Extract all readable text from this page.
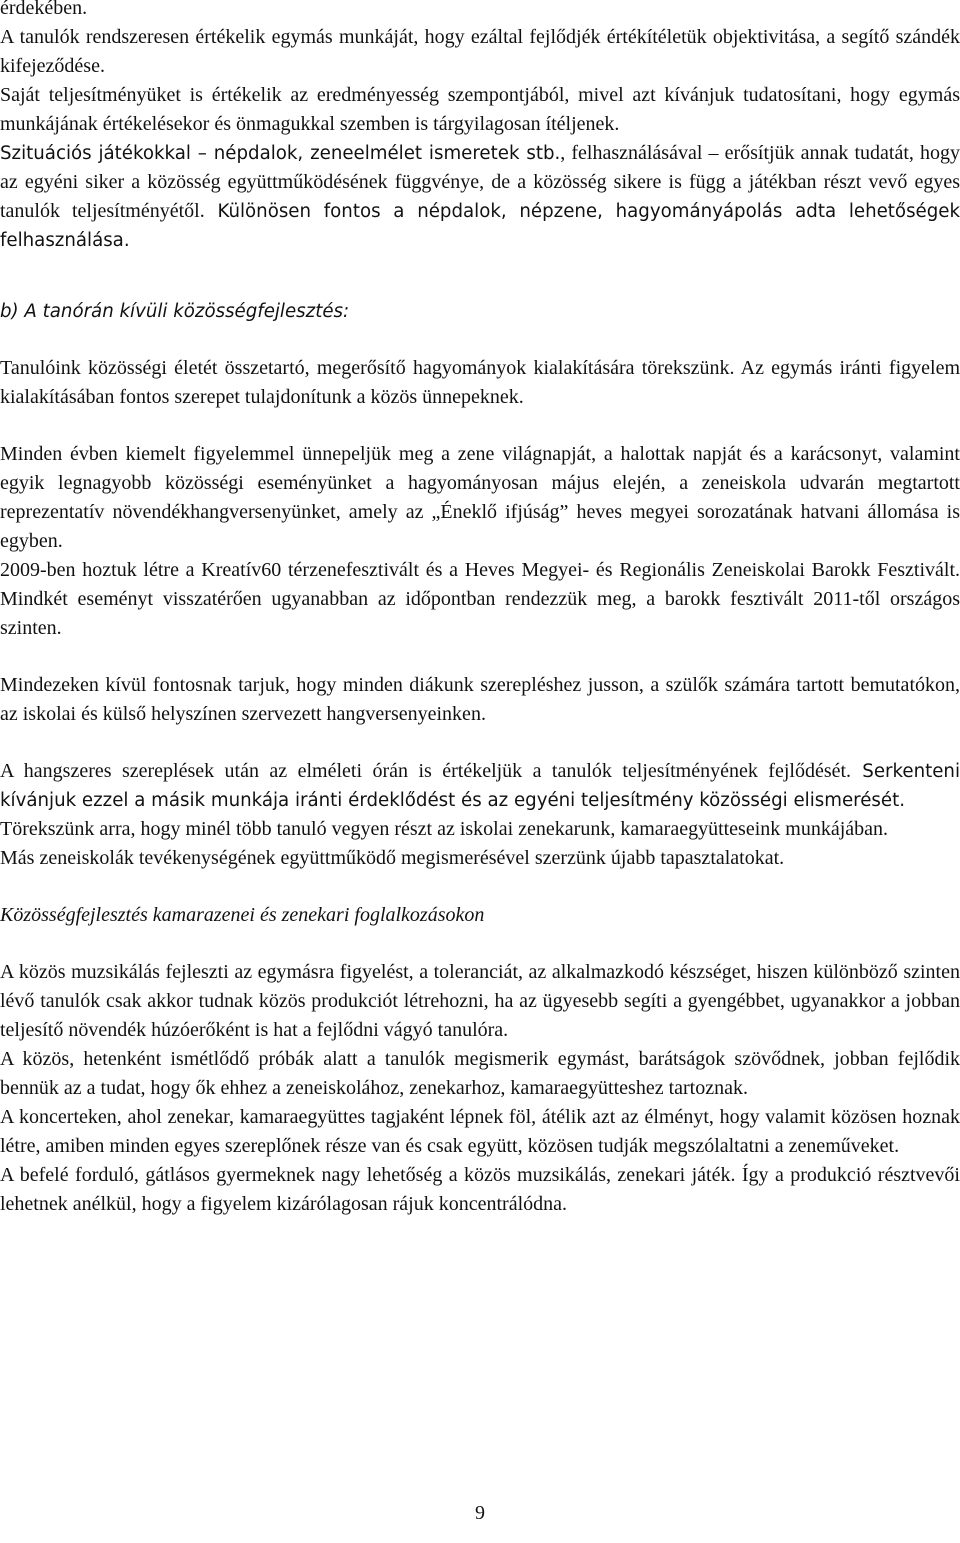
érdekében.

A tanulók rendszeresen értékelik egymás munkáját, hogy ezáltal fejlődjék értékítéletük objektivitása, a segítő szándék kifejeződése.

Saját teljesítményüket is értékelik az eredményesség szempontjából, mivel azt kívánjuk tudatosítani, hogy egymás munkájának értékelésekor és önmagukkal szemben is tárgyilagosan ítéljenek.

Szituációs játékokkal – népdalok, zeneelmélet ismeretek stb., felhasználásával – erősítjük annak tudatát, hogy az egyéni siker a közösség együttműködésének függvénye, de a közösség sikere is függ a játékban részt vevő egyes tanulók teljesítményétől. Különösen fontos a népdalok, népzene, hagyományápolás adta lehetőségek felhasználása.

b) A tanórán kívüli közösségfejlesztés:

Tanulóink közösségi életét összetartó, megerősítő hagyományok kialakítására törekszünk. Az egymás iránti figyelem kialakításában fontos szerepet tulajdonítunk a közös ünnepeknek.

Minden évben kiemelt figyelemmel ünnepeljük meg a zene világnapját, a halottak napját és a karácsonyt, valamint egyik legnagyobb közösségi eseményünket a hagyományosan május elején, a zeneiskola udvarán megtartott reprezentatív növendékhangversenyünket, amely az „Éneklő ifjúság” heves megyei sorozatának hatvani állomása is egyben.

2009-ben hoztuk létre a Kreatív60 térzenefesztivált és a Heves Megyei- és Regionális Zeneiskolai Barokk Fesztivált. Mindkét eseményt visszatérően ugyanabban az időpontban rendezzük meg, a barokk fesztivált 2011-től országos szinten.

Mindezeken kívül fontosnak tarjuk, hogy minden diákunk szerepléshez jusson, a szülők számára tartott bemutatókon, az iskolai és külső helyszínen szervezett hangversenyeinken.

A hangszeres szereplések után az elméleti órán is értékeljük a tanulók teljesítményének fejlődését. Serkenteni kívánjuk ezzel a másik munkája iránti érdeklődést és az egyéni teljesítmény közösségi elismerését.

Törekszünk arra, hogy minél több tanuló vegyen részt az iskolai zenekarunk, kamaraegyütteseink munkájában.

Más zeneiskolák tevékenységének együttműködő megismerésével szerzünk újabb tapasztalatokat.

Közösségfejlesztés kamarazenei és zenekari foglalkozásokon

A közös muzsikálás fejleszti az egymásra figyelést, a toleranciát, az alkalmazkodó készséget, hiszen különböző szinten lévő tanulók csak akkor tudnak közös produkciót létrehozni, ha az ügyesebb segíti a gyengébbet, ugyanakkor a jobban teljesítő növendék húzóerőként is hat a fejlődni vágyó tanulóra.

A közös, hetenként ismétlődő próbák alatt a tanulók megismerik egymást, barátságok szövődnek, jobban fejlődik bennük az a tudat, hogy ők ehhez a zeneiskolához, zenekarhoz, kamaraegyütteshez tartoznak.

A koncerteken, ahol zenekar, kamaraegyüttes tagjaként lépnek föl, átélik azt az élményt, hogy valamit közösen hoznak létre, amiben minden egyes szereplőnek része van és csak együtt, közösen tudják megszólaltatni a zeneműveket.

A befelé forduló, gátlásos gyermeknek nagy lehetőség a közös muzsikálás, zenekari játék. Így a produkció résztvevői lehetnek anélkül, hogy a figyelem kizárólagosan rájuk koncentrálódna.

9
